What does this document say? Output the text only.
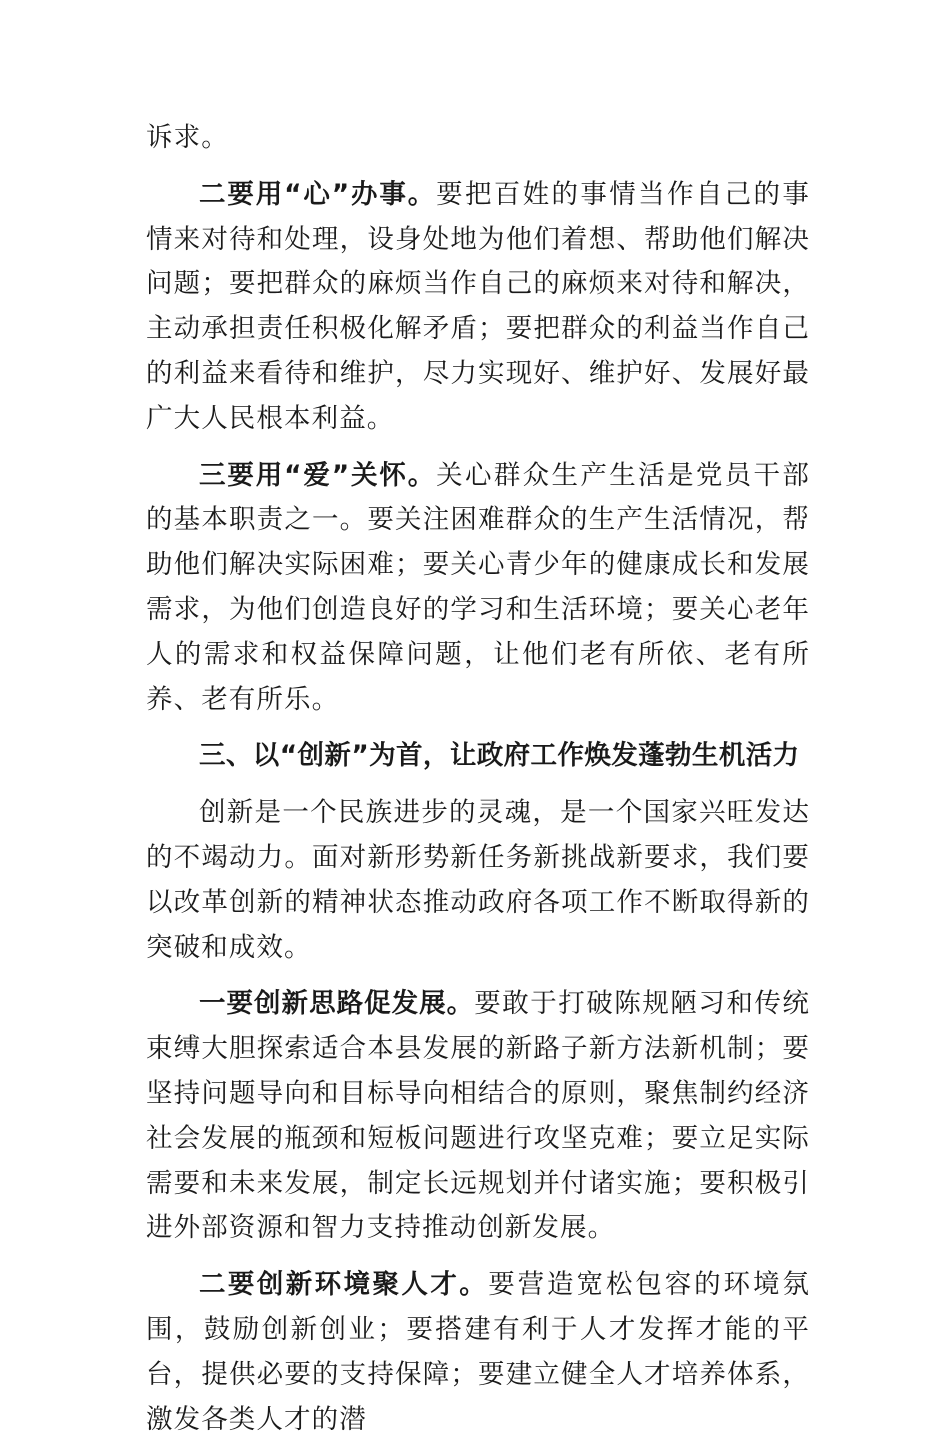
诉求。

二要用“心”办事。要把百姓的事情当作自己的事情来对待和处理，设身处地为他们着想、帮助他们解决问题；要把群众的麻烦当作自己的麻烦来对待和解决，主动承担责任积极化解矛盾；要把群众的利益当作自己的利益来看待和维护，尽力实现好、维护好、发展好最广大人民根本利益。

三要用“爱”关怀。关心群众生产生活是党员干部的基本职责之一。要关注困难群众的生产生活情况，帮助他们解决实际困难；要关心青少年的健康成长和发展需求，为他们创造良好的学习和生活环境；要关心老年人的需求和权益保障问题，让他们老有所依、老有所养、老有所乐。

三、以“创新”为首，让政府工作焕发蓬勃生机活力

创新是一个民族进步的灵魂，是一个国家兴旺发达的不竭动力。面对新形势新任务新挑战新要求，我们要以改革创新的精神状态推动政府各项工作不断取得新的突破和成效。

一要创新思路促发展。要敢于打破陈规陋习和传统束缚大胆探索适合本县发展的新路子新方法新机制；要坚持问题导向和目标导向相结合的原则，聚焦制约经济社会发展的瓶颈和短板问题进行攻坚克难；要立足实际需要和未来发展，制定长远规划并付诸实施；要积极引进外部资源和智力支持推动创新发展。

二要创新环境聚人才。要营造宽松包容的环境氛围，鼓励创新创业；要搭建有利于人才发挥才能的平台，提供必要的支持保障；要建立健全人才培养体系，激发各类人才的潜
